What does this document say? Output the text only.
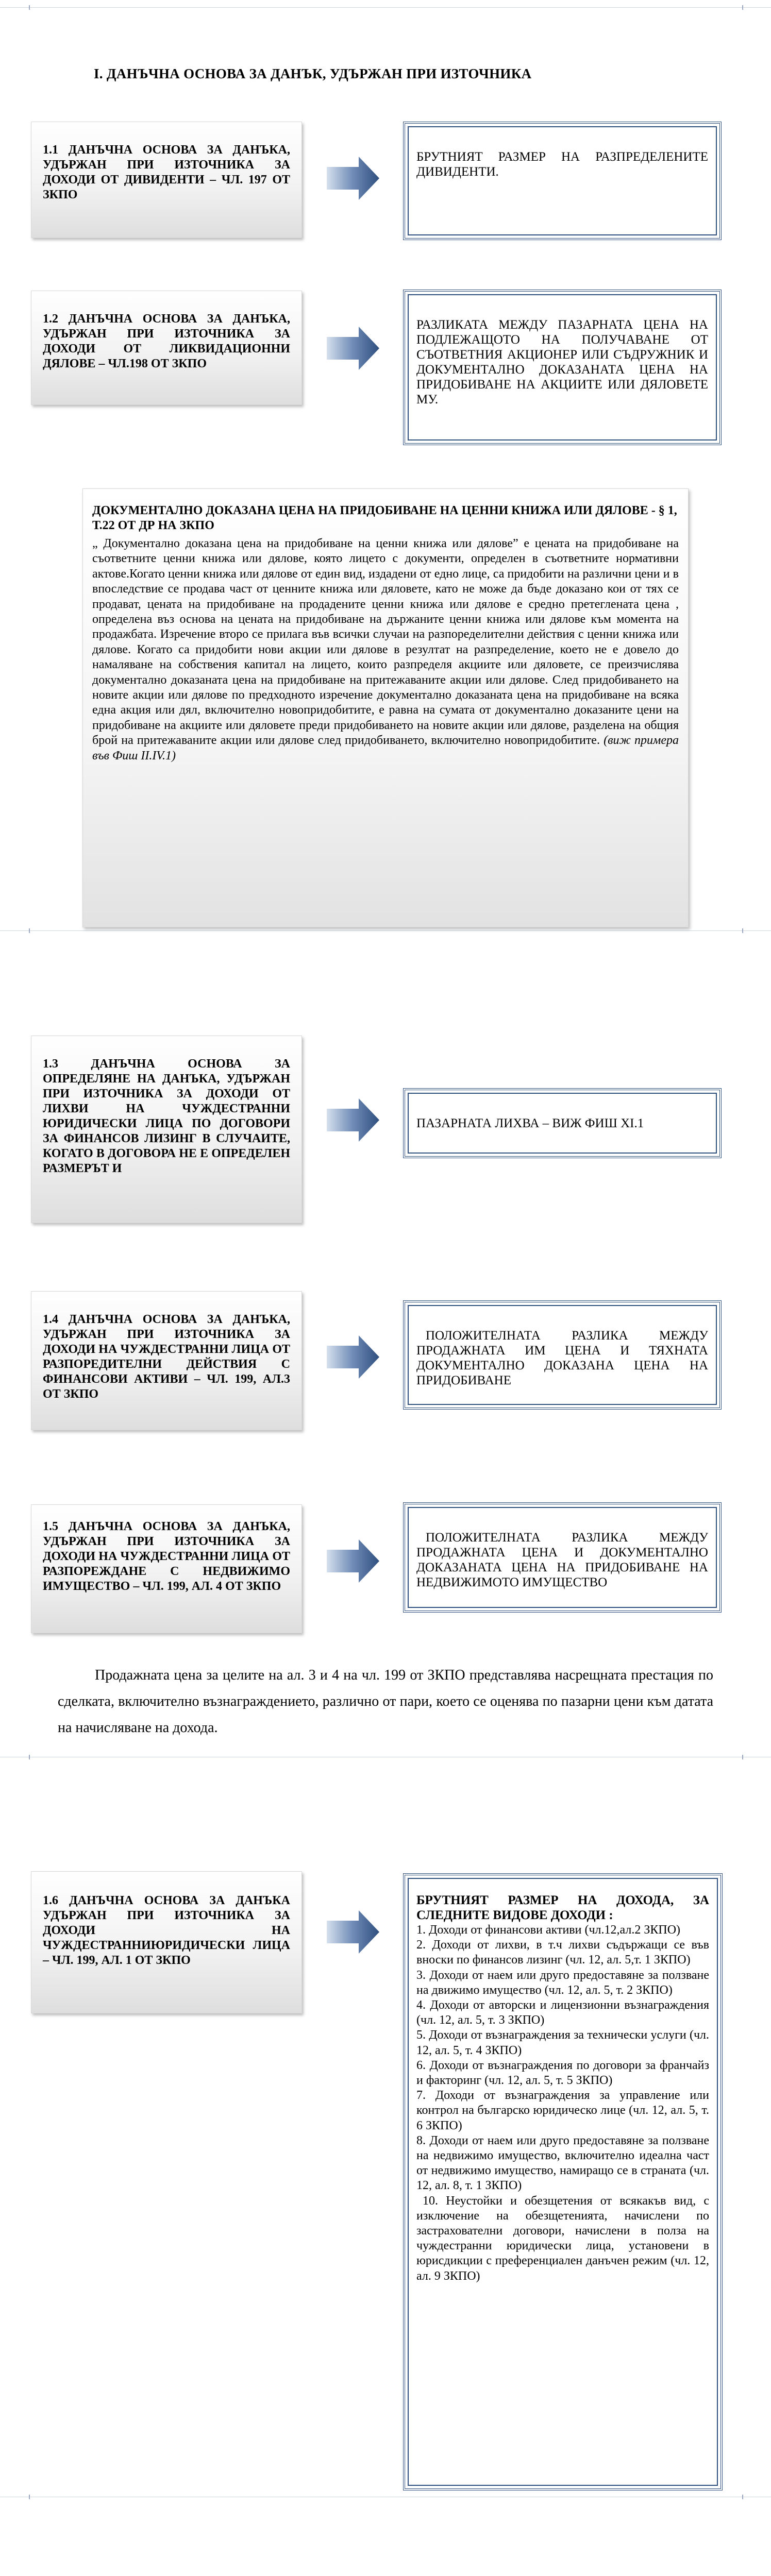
I. ДАНЪЧНА ОСНОВА ЗА ДАНЪК, УДЪРЖАН ПРИ ИЗТОЧНИКА
1.1 ДАНЪЧНА ОСНОВА ЗА ДАНЪКА, УДЪРЖАН ПРИ ИЗТОЧНИКА ЗА ДОХОДИ ОТ ДИВИДЕНТИ – ЧЛ. 197 ОТ ЗКПО
БРУТНИЯТ РАЗМЕР НА РАЗПРЕДЕЛЕНИТЕ ДИВИДЕНТИ.
1.2 ДАНЪЧНА ОСНОВА ЗА ДАНЪКА, УДЪРЖАН ПРИ ИЗТОЧНИКА ЗА ДОХОДИ ОТ ЛИКВИДАЦИОННИ ДЯЛОВЕ – ЧЛ.198 ОТ ЗКПО
РАЗЛИКАТА МЕЖДУ ПАЗАРНАТА ЦЕНА НА ПОДЛЕЖАЩОТО НА ПОЛУЧАВАНЕ ОТ СЪОТВЕТНИЯ АКЦИОНЕР ИЛИ СЪДРУЖНИК И ДОКУМЕНТАЛНО ДОКАЗАНАТА ЦЕНА НА ПРИДОБИВАНЕ НА АКЦИИТЕ ИЛИ ДЯЛОВЕТЕ МУ.
ДОКУМЕНТАЛНО ДОКАЗАНА ЦЕНА НА ПРИДОБИВАНЕ НА ЦЕННИ КНИЖА ИЛИ ДЯЛОВЕ - § 1, Т.22 ОТ ДР НА ЗКПО
„ Документално доказана цена на придобиване на ценни книжа или дялове” е цената на придобиване на съответните ценни книжа или дялове, която лицето с документи, определен в съответните нормативни актове.Когато ценни книжа или дялове от един вид, издадени от едно лице, са придобити на различни цени и в впоследствие се продава част от ценните книжа или дяловете, като не може да бъде доказано кои от тях се продават, цената на придобиване на продадените ценни книжа или дялове е средно претеглената цена , определена въз основа на цената на придобиване на държаните ценни книжа или дялове към момента на продажбата. Изречение второ се прилага във всички случаи на разпоределителни действия с ценни книжа или дялове. Когато са придобити нови акции или дялове в резултат на разпределение, което не е довело до намаляване на собствения капитал на лицето, които разпределя акциите или дяловете, се преизчислява документално доказаната цена на придобиване на притежаваните акции или дялове. След придобиването на новите акции или дялове по предходното изречение документално доказаната цена на придобиване на всяка една акция или дял, включително новопридобитите, е равна на сумата от документално доказаните цени на придобиване на акциите или дяловете преди придобиването на новите акции или дялове, разделена на общия брой на притежаваните акции или дялове след придобиването, включително новопридобитите. (виж примера във Фиш II.IV.1)
1.3 ДАНЪЧНА ОСНОВА ЗА ОПРЕДЕЛЯНЕ НА ДАНЪКА, УДЪРЖАН ПРИ ИЗТОЧНИКА ЗА ДОХОДИ ОТ ЛИХВИ НА ЧУЖДЕСТРАННИ ЮРИДИЧЕСКИ ЛИЦА ПО ДОГОВОРИ ЗА ФИНАНСОВ ЛИЗИНГ В СЛУЧАИТЕ, КОГАТО В ДОГОВОРА НЕ Е ОПРЕДЕЛЕН РАЗМЕРЪТ И
ПАЗАРНАТА ЛИХВА – ВИЖ ФИШ XI.1
1.4 ДАНЪЧНА ОСНОВА ЗА ДАНЪКА, УДЪРЖАН ПРИ ИЗТОЧНИКА ЗА ДОХОДИ НА ЧУЖДЕСТРАННИ ЛИЦА ОТ РАЗПОРЕДИТЕЛНИ ДЕЙСТВИЯ С ФИНАНСОВИ АКТИВИ – ЧЛ. 199, АЛ.3 ОТ ЗКПО
ПОЛОЖИТЕЛНАТА РАЗЛИКА МЕЖДУ ПРОДАЖНАТА ИМ ЦЕНА И ТЯХНАТА ДОКУМЕНТАЛНО ДОКАЗАНА ЦЕНА НА ПРИДОБИВАНЕ
1.5 ДАНЪЧНА ОСНОВА ЗА ДАНЪКА, УДЪРЖАН ПРИ ИЗТОЧНИКА ЗА ДОХОДИ НА ЧУЖДЕСТРАННИ ЛИЦА ОТ РАЗПОРЕЖДАНЕ С НЕДВИЖИМО ИМУЩЕСТВО – ЧЛ. 199, АЛ. 4 ОТ ЗКПО
ПОЛОЖИТЕЛНАТА РАЗЛИКА МЕЖДУ ПРОДАЖНАТА ЦЕНА И ДОКУМЕНТАЛНО ДОКАЗАНАТА ЦЕНА НА ПРИДОБИВАНЕ НА НЕДВИЖИМОТО ИМУЩЕСТВО
Продажната цена за целите на ал. 3 и 4 на чл. 199 от ЗКПО представлява насрещната престация по сделката, включително възнаграждението, различно от пари, което се оценява по пазарни цени към датата на начисляване на дохода.
1.6 ДАНЪЧНА ОСНОВА ЗА ДАНЪКА УДЪРЖАН ПРИ ИЗТОЧНИКА ЗА ДОХОДИ НА ЧУЖДЕСТРАННИЮРИДИЧЕСКИ ЛИЦА – ЧЛ. 199, АЛ. 1 ОТ ЗКПО
БРУТНИЯТ РАЗМЕР НА ДОХОДА, ЗА СЛЕДНИТЕ ВИДОВЕ ДОХОДИ :
1. Доходи от финансови активи (чл.12,ал.2 ЗКПО)
2. Доходи от лихви, в т.ч лихви съдържащи се във вноски по финансов лизинг (чл. 12, ал. 5,т. 1 ЗКПО)
3. Доходи от наем или друго предоставяне за ползване на движимо имущество (чл. 12, ал. 5, т. 2 ЗКПО)
4. Доходи от авторски и лицензионни възнаграждения (чл. 12, ал. 5, т. 3 ЗКПО)
5. Доходи от възнаграждения за технически услуги (чл. 12, ал. 5, т. 4 ЗКПО)
6. Доходи от възнаграждения по договори за франчайз и факторинг (чл. 12, ал. 5, т. 5 ЗКПО)
7. Доходи от възнаграждения за управление или контрол на българско юридическо лице (чл. 12, ал. 5, т. 6 ЗКПО)
8. Доходи от наем или друго предоставяне за ползване на недвижимо имущество, включително идеална част от недвижимо имущество, намиращо се в страната (чл. 12, ал. 8, т. 1 ЗКПО)
10. Неустойки и обезщетения от всякакъв вид, с изключение на обезщетенията, начислени по застрахователни договори, начислени в полза на чуждестранни юридически лица, установени в юрисдикции с преференциален данъчен режим (чл. 12, ал. 9 ЗКПО)
